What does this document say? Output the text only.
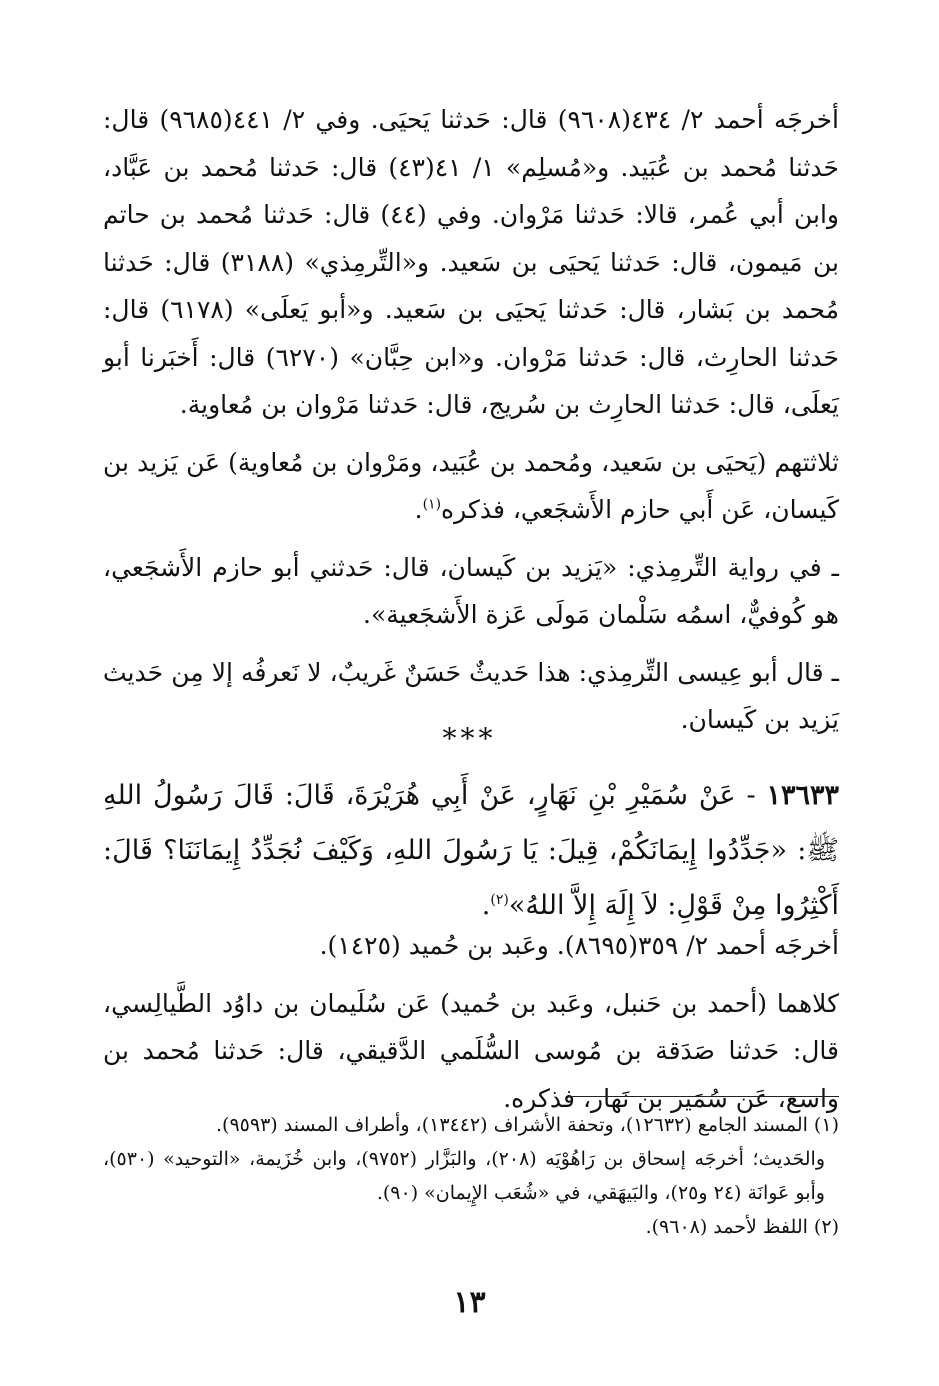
أخرجَه أحمد ٢/ ٤٣٤(٩٦٠٨) قال: حَدثنا يَحيَى. وفي ٢/ ٤٤١(٩٦٨٥) قال: حَدثنا مُحمد بن عُبَيد. و«مُسلِم» ١/ ٤١(٤٣) قال: حَدثنا مُحمد بن عَبَّاد، وابن أبي عُمر، قالا: حَدثنا مَرْوان. وفي (٤٤) قال: حَدثنا مُحمد بن حاتم بن مَيمون، قال: حَدثنا يَحيَى بن سَعيد. و«التِّرمِذي» (٣١٨٨) قال: حَدثنا مُحمد بن بَشار، قال: حَدثنا يَحيَى بن سَعيد. و«أبو يَعلَى» (٦١٧٨) قال: حَدثنا الحارِث، قال: حَدثنا مَرْوان. و«ابن حِبَّان» (٦٢٧٠) قال: أَخبَرنا أبو يَعلَى، قال: حَدثنا الحارِث بن سُريج، قال: حَدثنا مَرْوان بن مُعاوية.

ثلاثتهم (يَحيَى بن سَعيد، ومُحمد بن عُبَيد، ومَرْوان بن مُعاوية) عَن يَزيد بن كَيسان، عَن أَبي حازم الأَشجَعي، فذكره$^{(١)}$.

ـ في رواية التِّرمِذي: «يَزيد بن كَيسان، قال: حَدثني أبو حازم الأَشجَعي، هو كُوفيٌّ، اسمُه سَلْمان مَولَى عَزة الأَشجَعية».

ـ قال أبو عِيسى التِّرمِذي: هذا حَديثٌ حَسَنٌ غَريبٌ، لا نَعرفُه إلا مِن حَديث يَزيد بن كَيسان.

***
١٣٦٣٣ - عَنْ سُمَيْرِ بْنِ نَهَارٍ، عَنْ أَبِي هُرَيْرَةَ، قَالَ: قَالَ رَسُولُ اللهِ ﷺ: «جَدِّدُوا إِيمَانَكُمْ، قِيلَ: يَا رَسُولَ اللهِ، وَكَيْفَ نُجَدِّدُ إِيمَانَنَا؟ قَالَ: أَكْثِرُوا مِنْ قَوْلِ: لاَ إِلَهَ إِلاَّ اللهُ»$^{(٢)}$.

أخرجَه أحمد ٢/ ٣٥٩(٨٦٩٥). وعَبد بن حُميد (١٤٢٥).

كلاهما (أحمد بن حَنبل، وعَبد بن حُميد) عَن سُلَيمان بن داوُد الطَّيالِسي، قال: حَدثنا صَدَقة بن مُوسى السُّلَمي الدَّقيقي، قال: حَدثنا مُحمد بن واسع، عَن سُمَير بن نَهار، فذكره.

(١) المسند الجامع (١٢٦٣٢)، وتحفة الأشراف (١٣٤٤٢)، وأطراف المسند (٩٥٩٣).

والحَديث؛ أخرجَه إسحاق بن رَاهُوْيَه (٢٠٨)، والبَزَّار (٩٧٥٢)، وابن خُزَيمة، «التوحيد» (٥٣٠)، وأبو عَوانَة (٢٤ و٢٥)، والبَيهَقي، في «شُعَب الإِيمان» (٩٠).

(٢) اللفظ لأحمد (٩٦٠٨).

١٣
